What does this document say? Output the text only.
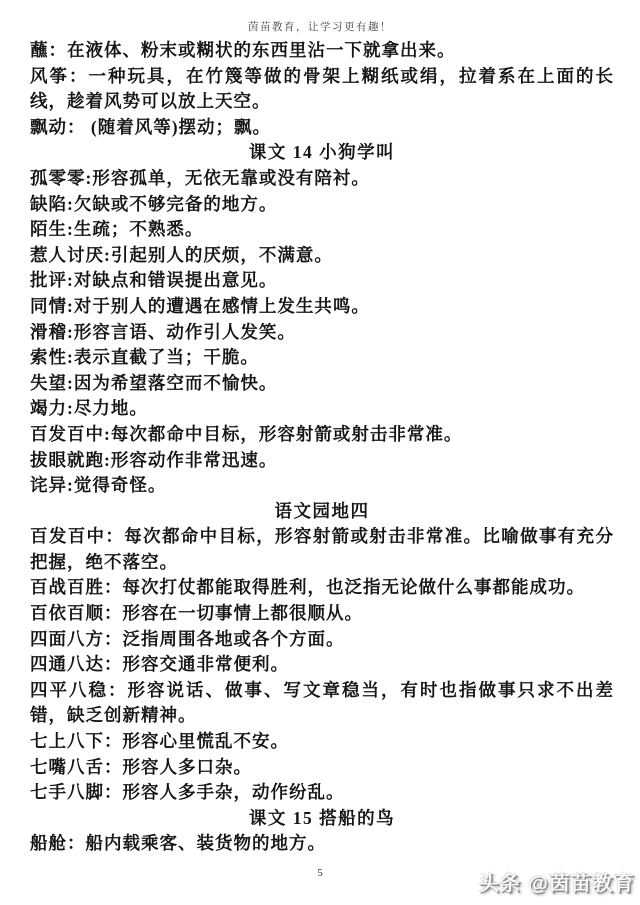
茵苗教育，让学习更有趣！

蘸：在液体、粉末或糊状的东西里沾一下就拿出来。

风筝：一种玩具，在竹篾等做的骨架上糊纸或绢，拉着系在上面的长线，趁着风势可以放上天空。

飘动： (随着风等)摆动；飘。

课文 14 小狗学叫

孤零零:形容孤单，无依无靠或没有陪衬。

缺陷:欠缺或不够完备的地方。

陌生:生疏；不熟悉。

惹人讨厌:引起别人的厌烦，不满意。

批评:对缺点和错误提出意见。

同情:对于别人的遭遇在感情上发生共鸣。

滑稽:形容言语、动作引人发笑。

索性:表示直截了当；干脆。

失望:因为希望落空而不愉快。

竭力:尽力地。

百发百中:每次都命中目标，形容射箭或射击非常准。

拔眼就跑:形容动作非常迅速。

诧异:觉得奇怪。

语文园地四

百发百中：每次都命中目标，形容射箭或射击非常准。比喻做事有充分把握，绝不落空。

百战百胜：每次打仗都能取得胜利，也泛指无论做什么事都能成功。

百依百顺：形容在一切事情上都很顺从。

四面八方：泛指周围各地或各个方面。

四通八达：形容交通非常便利。

四平八稳：形容说话、做事、写文章稳当，有时也指做事只求不出差错，缺乏创新精神。

七上八下：形容心里慌乱不安。

七嘴八舌：形容人多口杂。

七手八脚：形容人多手杂，动作纷乱。

课文 15 搭船的鸟

船舱：船内载乘客、装货物的地方。

5	头条 @茵苗教育
